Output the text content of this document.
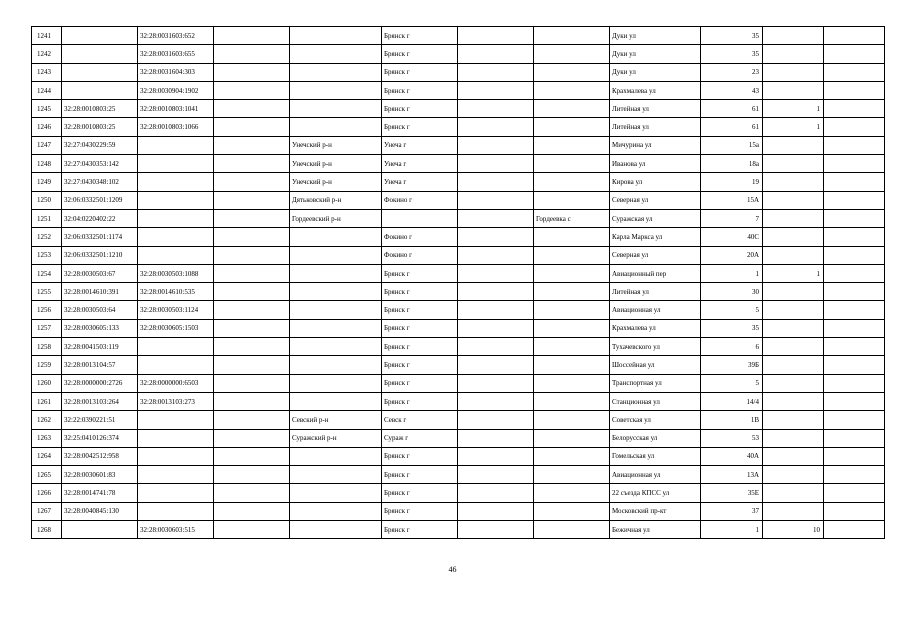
1241		32:28:0031603:652			Брянск г			Дуки ул	35		
1242		32:28:0031603:655			Брянск г			Дуки ул	35		
1243		32:28:0031604:303			Брянск г			Дуки ул	23		
1244		32:28:0030904:1902			Брянск г			Крахмалева ул	43		
1245	32:28:0010803:25	32:28:0010803:1041			Брянск г			Литейная ул	61	1	
1246	32:28:0010803:25	32:28:0010803:1066			Брянск г			Литейная ул	61	1	
1247	32:27:0430229:59			Унечский р-н	Унеча г			Мичурина ул	15а		
1248	32:27:0430353:142			Унечский р-н	Унеча г			Иванова ул	18а		
1249	32:27:0430348:102			Унечский р-н	Унеча г			Кирова ул	19		
1250	32:06:0332501:1209			Дятьковский р-н	Фокино г			Северная ул	15А		
1251	32:04:0220402:22			Гордеевский р-н			Гордеевка с	Суражская ул	7		
1252	32:06:0332501:1174				Фокино г			Карла Маркса ул	40С		
1253	32:06:0332501:1210				Фокино г			Северная ул	20А		
1254	32:28:0030503:67	32:28:0030503:1088			Брянск г			Авиационный пер	1	1	
1255	32:28:0014610:391	32:28:0014610:535			Брянск г			Литейная ул	30		
1256	32:28:0030503:64	32:28:0030503:1124			Брянск г			Авиационная ул	5		
1257	32:28:0030605:133	32:28:0030605:1503			Брянск г			Крахмалева ул	35		
1258	32:28:0041503:119				Брянск г			Тухачевского ул	6		
1259	32:28:0013104:57				Брянск г			Шоссейная ул	39Б		
1260	32:28:0000000:2726	32:28:0000000:6503			Брянск г			Транспортная ул	5		
1261	32:28:0013103:264	32:28:0013103:273			Брянск г			Станционная ул	14/4		
1262	32:22:0390221:51			Севский р-н	Севск г			Советская ул	1В		
1263	32:25:0410126:374			Суражский р-н	Сураж г			Белорусская ул	53		
1264	32:28:0042512:958				Брянск г			Гомельская ул	40А		
1265	32:28:0030601:83				Брянск г			Авиационная ул	13А		
1266	32:28:0014741:78				Брянск г			22 съезда КПСС ул	35Е		
1267	32:28:0040845:130				Брянск г			Московский пр-кт	37		
1268		32:28:0030603:515			Брянск г			Бежичная ул	1	10	
46
